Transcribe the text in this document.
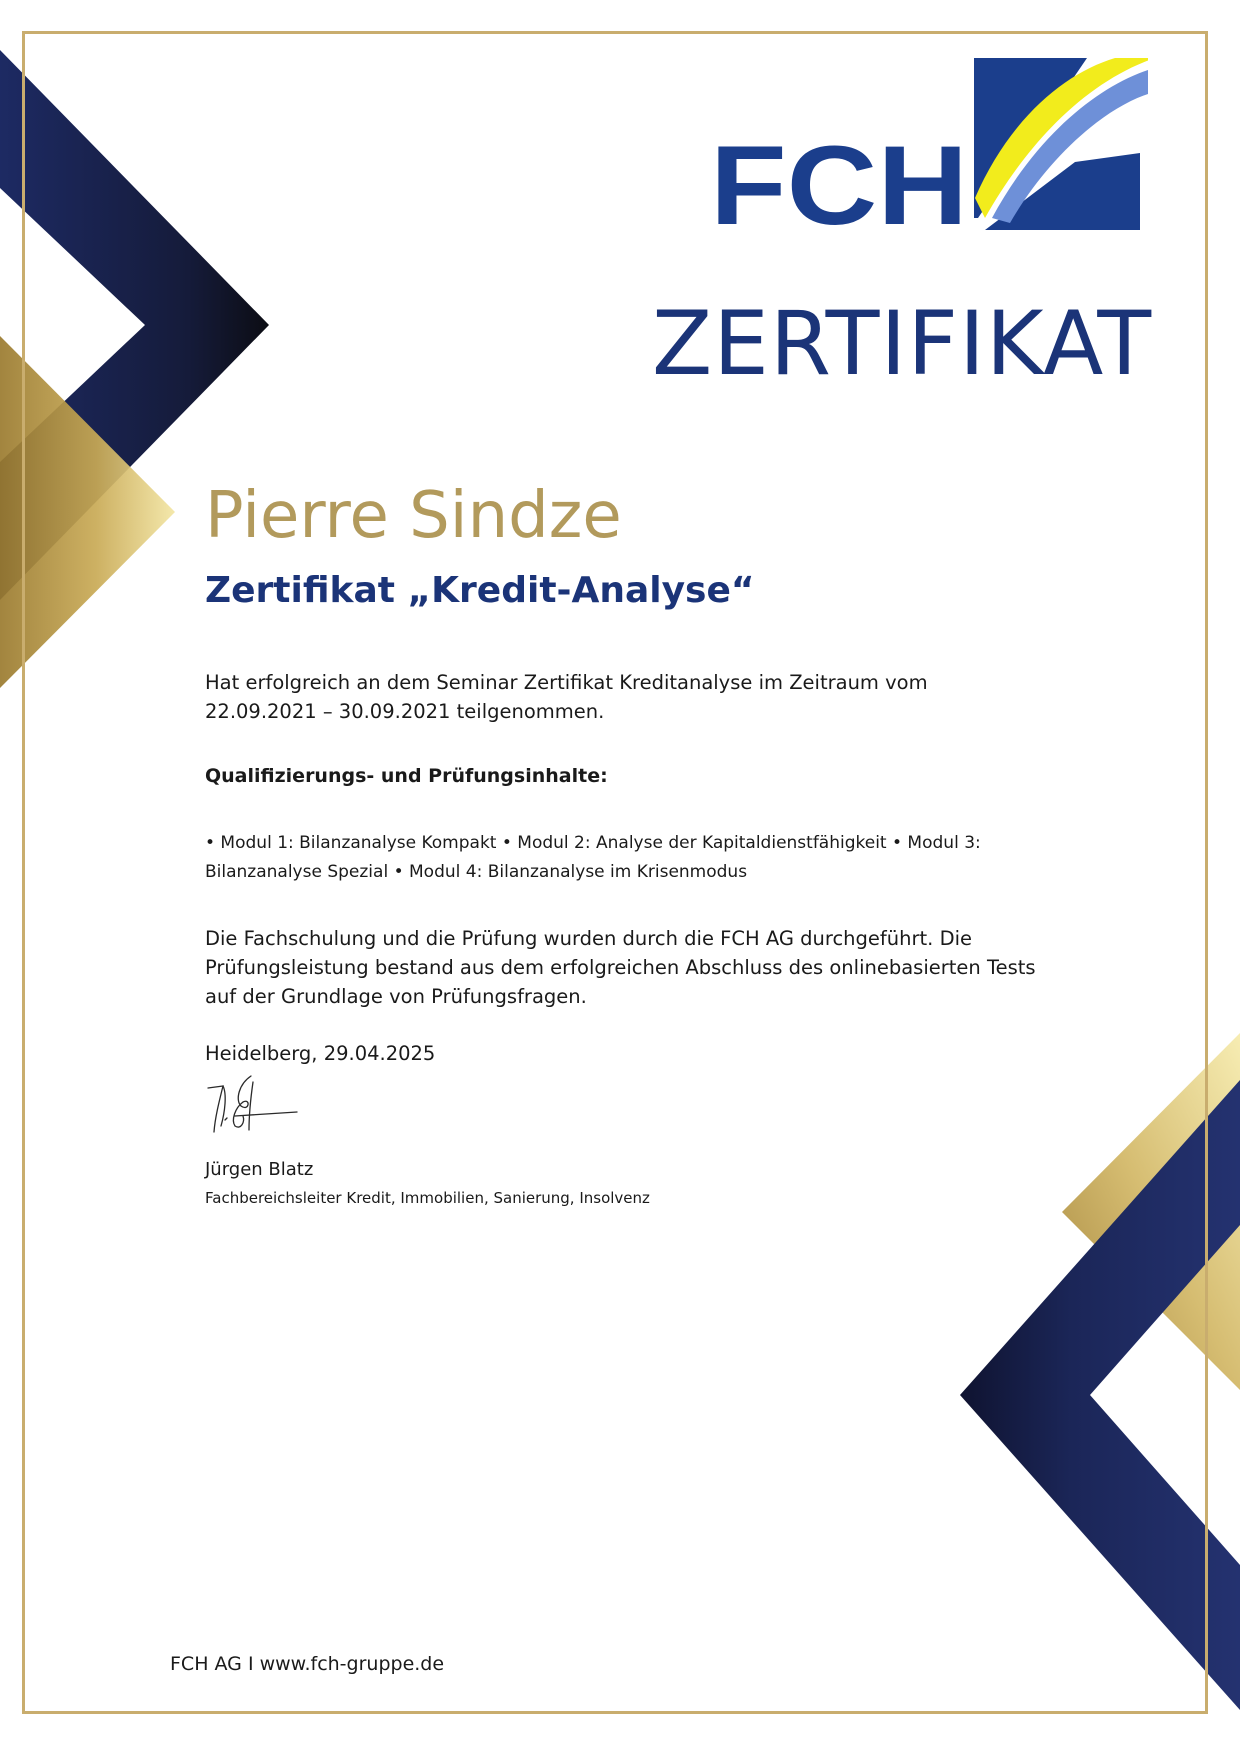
FCH
ZERTIFIKAT
Pierre Sindze
Zertifikat „Kredit-Analyse“
Hat erfolgreich an dem Seminar Zertifikat Kreditanalyse im Zeitraum vom 22.09.2021 – 30.09.2021 teilgenommen.
Qualifizierungs- und Prüfungsinhalte:
• Modul 1: Bilanzanalyse Kompakt • Modul 2: Analyse der Kapitaldienstfähigkeit • Modul 3: Bilanzanalyse Spezial • Modul 4: Bilanzanalyse im Krisenmodus
Die Fachschulung und die Prüfung wurden durch die FCH AG durchgeführt. Die Prüfungsleistung bestand aus dem erfolgreichen Abschluss des onlinebasierten Tests auf der Grundlage von Prüfungsfragen.
Heidelberg, 29.04.2025
Jürgen Blatz
Fachbereichsleiter Kredit, Immobilien, Sanierung, Insolvenz
FCH AG I www.fch-gruppe.de
